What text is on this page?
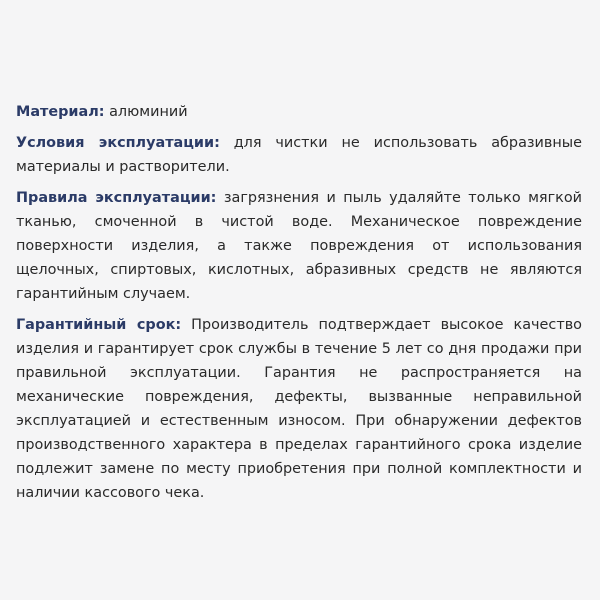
Материал: алюминий
Условия эксплуатации: для чистки не использовать абразивные материалы и растворители.
Правила эксплуатации: загрязнения и пыль удаляйте только мягкой тканью, смоченной в чистой воде. Механическое повреждение поверхности изделия, а также повреждения от использования щелочных, спиртовых, кислотных, абразивных средств не являются гарантийным случаем.
Гарантийный срок: Производитель подтверждает высокое качество изделия и гарантирует срок службы в течение 5 лет со дня продажи при правильной эксплуатации. Гарантия не распространяется на механические повреждения, дефекты, вызванные неправильной эксплуатацией и естественным износом. При обнаружении дефектов производственного характера в пределах гарантийного срока изделие подлежит замене по месту приобретения при полной комплектности и наличии кассового чека.
